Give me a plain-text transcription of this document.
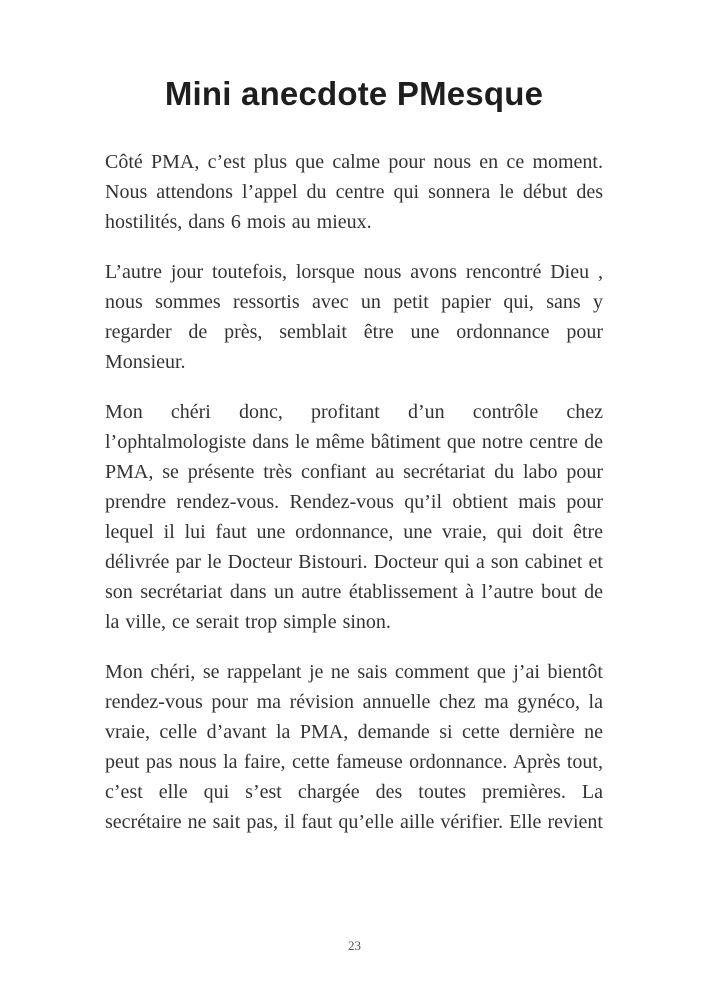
Mini anecdote PMesque

Côté PMA, c’est plus que calme pour nous en ce moment. Nous attendons l’appel du centre qui sonnera le début des hostilités, dans 6 mois au mieux.

L’autre jour toutefois, lorsque nous avons rencontré Dieu , nous sommes ressortis avec un petit papier qui, sans y regarder de près, semblait être une ordonnance pour Monsieur.

Mon chéri donc, profitant d’un contrôle chez l’ophtalmologiste dans le même bâtiment que notre centre de PMA, se présente très confiant au secrétariat du labo pour prendre rendez-vous. Rendez-vous qu’il obtient mais pour lequel il lui faut une ordonnance, une vraie, qui doit être délivrée par le Docteur Bistouri. Docteur qui a son cabinet et son secrétariat dans un autre établissement à l’autre bout de la ville, ce serait trop simple sinon.

Mon chéri, se rappelant je ne sais comment que j’ai bientôt rendez-vous pour ma révision annuelle chez ma gynéco, la vraie, celle d’avant la PMA, demande si cette dernière ne peut pas nous la faire, cette fameuse ordonnance. Après tout, c’est elle qui s’est chargée des toutes premières. La secrétaire ne sait pas, il faut qu’elle aille vérifier. Elle revient

23
